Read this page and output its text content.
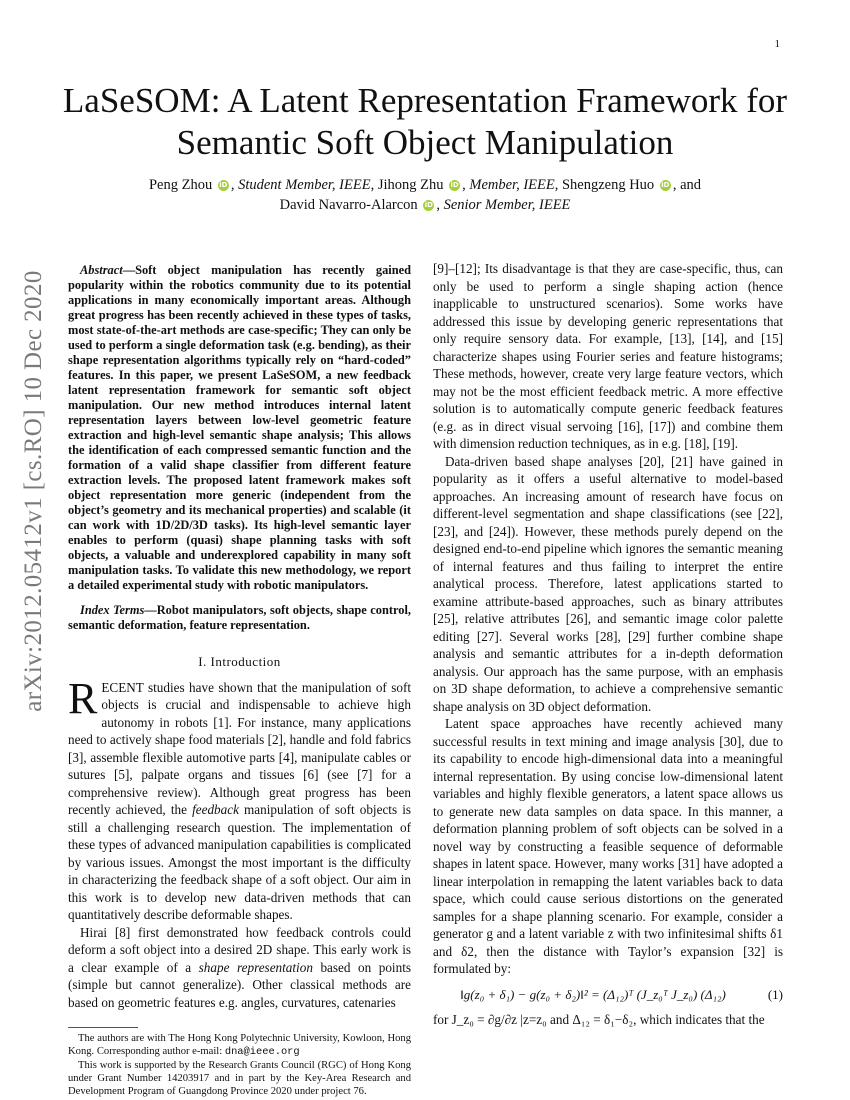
1
arXiv:2012.05412v1 [cs.RO] 10 Dec 2020
LaSeSOM: A Latent Representation Framework for
Semantic Soft Object Manipulation
Peng Zhou iD , Student Member, IEEE, Jihong Zhu iD , Member, IEEE, Shengzeng Huo iD , and
David Navarro-Alarcon iD , Senior Member, IEEE

Abstract—Soft object manipulation has recently gained popularity within the robotics community due to its potential applications in many economically important areas. Although great progress has been recently achieved in these types of tasks, most state-of-the-art methods are case-specific; They can only be used to perform a single deformation task (e.g. bending), as their shape representation algorithms typically rely on “hard-coded” features. In this paper, we present LaSeSOM, a new feedback latent representation framework for semantic soft object manipulation. Our new method introduces internal latent representation layers between low-level geometric feature extraction and high-level semantic shape analysis; This allows the identification of each compressed semantic function and the formation of a valid shape classifier from different feature extraction levels. The proposed latent framework makes soft object representation more generic (independent from the object’s geometry and its mechanical properties) and scalable (it can work with 1D/2D/3D tasks). Its high-level semantic layer enables to perform (quasi) shape planning tasks with soft objects, a valuable and underexplored capability in many soft manipulation tasks. To validate this new methodology, we report a detailed experimental study with robotic manipulators.

Index Terms—Robot manipulators, soft objects, shape control, semantic deformation, feature representation.

I. Introduction

RECENT studies have shown that the manipulation of soft objects is crucial and indispensable to achieve high autonomy in robots [1]. For instance, many applications need to actively shape food materials [2], handle and fold fabrics [3], assemble flexible automotive parts [4], manipulate cables or sutures [5], palpate organs and tissues [6] (see [7] for a comprehensive review). Although great progress has been recently achieved, the feedback manipulation of soft objects is still a challenging research question. The implementation of these types of advanced manipulation capabilities is complicated by various issues. Amongst the most important is the difficulty in characterizing the feedback shape of a soft object. Our aim in this work is to develop new data-driven methods that can quantitatively describe deformable shapes.

Hirai [8] first demonstrated how feedback controls could deform a soft object into a desired 2D shape. This early work is a clear example of a shape representation based on points (simple but cannot generalize). Other classical methods are based on geometric features e.g. angles, curvatures, catenaries

The authors are with The Hong Kong Polytechnic University, Kowloon, Hong Kong. Corresponding author e-mail: dna@ieee.org

This work is supported by the Research Grants Council (RGC) of Hong Kong under Grant Number 14203917 and in part by the Key-Area Research and Development Program of Guangdong Province 2020 under project 76.

[9]–[12]; Its disadvantage is that they are case-specific, thus, can only be used to perform a single shaping action (hence inapplicable to unstructured scenarios). Some works have addressed this issue by developing generic representations that only require sensory data. For example, [13], [14], and [15] characterize shapes using Fourier series and feature histograms; These methods, however, create very large feature vectors, which may not be the most efficient feedback metric. A more effective solution is to automatically compute generic feedback features (e.g. as in direct visual servoing [16], [17]) and combine them with dimension reduction techniques, as in e.g. [18], [19].

Data-driven based shape analyses [20], [21] have gained in popularity as it offers a useful alternative to model-based approaches. An increasing amount of research have focus on different-level segmentation and shape classifications (see [22], [23], and [24]). However, these methods purely depend on the designed end-to-end pipeline which ignores the semantic meaning of internal features and thus failing to interpret the entire analytical process. Therefore, latest applications started to examine attribute-based approaches, such as binary attributes [25], relative attributes [26], and semantic image color palette editing [27]. Several works [28], [29] further combine shape analysis and semantic attributes for a in-depth deformation analysis. Our approach has the same purpose, with an emphasis on 3D shape deformation, to achieve a comprehensive semantic shape analysis on 3D object deformation.

Latent space approaches have recently achieved many successful results in text mining and image analysis [30], due to its capability to encode high-dimensional data into a meaningful internal representation. By using concise low-dimensional latent variables and highly flexible generators, a latent space allows us to generate new data samples on data space. In this manner, a deformation planning problem of soft objects can be solved in a novel way by constructing a feasible sequence of deformable shapes in latent space. However, many works [31] have adopted a linear interpolation in remapping the latent variables back to data space, which could cause serious distortions on the generated samples for a shape planning scenario. For example, consider a generator g and a latent variable z with two infinitesimal shifts δ1 and δ2, then the distance with Taylor’s expansion [32] is formulated by:

‖g(z₀ + δ₁) − g(z₀ + δ₂)‖² = (Δ₁₂)ᵀ (J_z₀ᵀ J_z₀) (Δ₁₂)	(1)

for J_z₀ = ∂g/∂z |z=z₀ and Δ₁₂ = δ₁−δ₂, which indicates that the
